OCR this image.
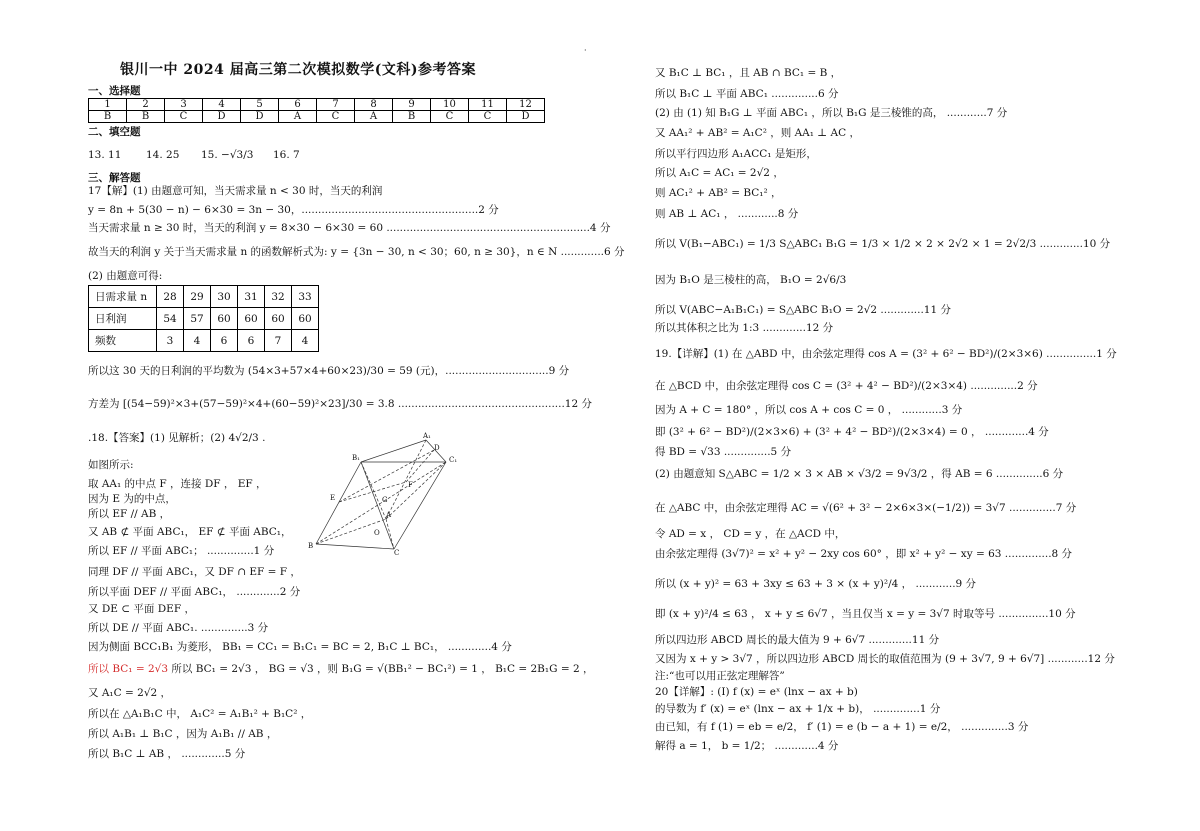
·
银川一中 2024 届高三第二次模拟数学(文科)参考答案
一、选择题
1	2	3	4	5	6	7	8	9	10	11	12
B	B	C	D	D	A	C	A	B	C	C	D
二、填空题
13. 11 14. 25 15. −√3/3 16. 7
三、解答题
17【解】(1) 由题意可知，当天需求量 n < 30 时，当天的利润
y = 8n + 5(30 − n) − 6×30 = 3n − 30，.....................................................2 分
当天需求量 n ≥ 30 时，当天的利润 y = 8×30 − 6×30 = 60 .............................................................4 分
故当天的利润 y 关于当天需求量 n 的函数解析式为: y = {3n − 30, n < 30；60, n ≥ 30}，n ∈ N .............6 分
(2) 由题意可得:
日需求量 n	28	29	30	31	32	33
日利润	54	57	60	60	60	60
频数	3	4	6	6	7	4
所以这 30 天的日利润的平均数为 (54×3+57×4+60×23)/30 = 59 (元)，...............................9 分
方差为 [(54−59)²×3+(57−59)²×4+(60−59)²×23]/30 = 3.8 ..................................................12 分
.18.【答案】(1) 见解析；(2) 4√2/3 .
如图所示:
取 AA₁ 的中点 F ，连接 DF ， EF ，
因为 E 为的中点，
所以 EF // AB ，
又 AB ⊄ 平面 ABC₁， EF ⊄ 平面 ABC₁，
所以 EF // 平面 ABC₁； ..............1 分
同理 DF // 平面 ABC₁，又 DF ∩ EF = F ，
所以平面 DEF // 平面 ABC₁， .............2 分
又 DE ⊂ 平面 DEF ，
所以 DE // 平面 ABC₁. ..............3 分
因为侧面 BCC₁B₁ 为菱形， BB₁ = CC₁ = B₁C₁ = BC = 2, B₁C ⊥ BC₁， .............4 分
所以 BC₁ = 2√3 所以 BC₁ = 2√3 ， BG = √3 ，则 B₁G = √(BB₁² − BC₁²) = 1 ， B₁C = 2B₁G = 2 ，
又 A₁C = 2√2 ，
所以在 △A₁B₁C 中， A₁C² = A₁B₁² + B₁C² ，
所以 A₁B₁ ⊥ B₁C ，因为 A₁B₁ // AB ，
所以 B₁C ⊥ AB ， .............5 分
A₁
D
C₁
B₁
F
E	G
A
O
B
C
又 B₁C ⊥ BC₁ ，且 AB ∩ BC₁ = B ，
所以 B₁C ⊥ 平面 ABC₁ ..............6 分
(2) 由 (1) 知 B₁G ⊥ 平面 ABC₁ ，所以 B₁G 是三棱锥的高， ............7 分
又 AA₁² + AB² = A₁C² ，则 AA₁ ⊥ AC ，
所以平行四边形 A₁ACC₁ 是矩形，
所以 A₁C = AC₁ = 2√2 ，
则 AC₁² + AB² = BC₁² ，
则 AB ⊥ AC₁ ， ............8 分
所以 V(B₁−ABC₁) = 1/3 S△ABC₁ B₁G = 1/3 × 1/2 × 2 × 2√2 × 1 = 2√2/3 .............10 分
因为 B₁O 是三棱柱的高， B₁O = 2√6/3
所以 V(ABC−A₁B₁C₁) = S△ABC B₁O = 2√2 .............11 分
所以其体积之比为 1:3 .............12 分
19.【详解】(1) 在 △ABD 中，由余弦定理得 cos A = (3² + 6² − BD²)/(2×3×6) ...............1 分
在 △BCD 中，由余弦定理得 cos C = (3² + 4² − BD²)/(2×3×4) ..............2 分
因为 A + C = 180° ，所以 cos A + cos C = 0 ， ............3 分
即 (3² + 6² − BD²)/(2×3×6) + (3² + 4² − BD²)/(2×3×4) = 0 ， .............4 分
得 BD = √33 ..............5 分
(2) 由题意知 S△ABC = 1/2 × 3 × AB × √3/2 = 9√3/2 ，得 AB = 6 ..............6 分
在 △ABC 中，由余弦定理得 AC = √(6² + 3² − 2×6×3×(−1/2)) = 3√7 ..............7 分
令 AD = x ， CD = y ，在 △ACD 中，
由余弦定理得 (3√7)² = x² + y² − 2xy cos 60° ，即 x² + y² − xy = 63 ..............8 分
所以 (x + y)² = 63 + 3xy ≤ 63 + 3 × (x + y)²/4 ， ............9 分
即 (x + y)²/4 ≤ 63 ， x + y ≤ 6√7 ，当且仅当 x = y = 3√7 时取等号 ...............10 分
所以四边形 ABCD 周长的最大值为 9 + 6√7 .............11 分
又因为 x + y > 3√7 ，所以四边形 ABCD 周长的取值范围为 (9 + 3√7, 9 + 6√7] ............12 分
注:“也可以用正弦定理解答”
20【详解】: (Ⅰ) f (x) = eˣ (lnx − ax + b)
的导数为 f′ (x) = eˣ (lnx − ax + 1/x + b)， ..............1 分
由已知，有 f (1) = eb = e/2， f′ (1) = e (b − a + 1) = e/2， ..............3 分
解得 a = 1， b = 1/2； .............4 分
